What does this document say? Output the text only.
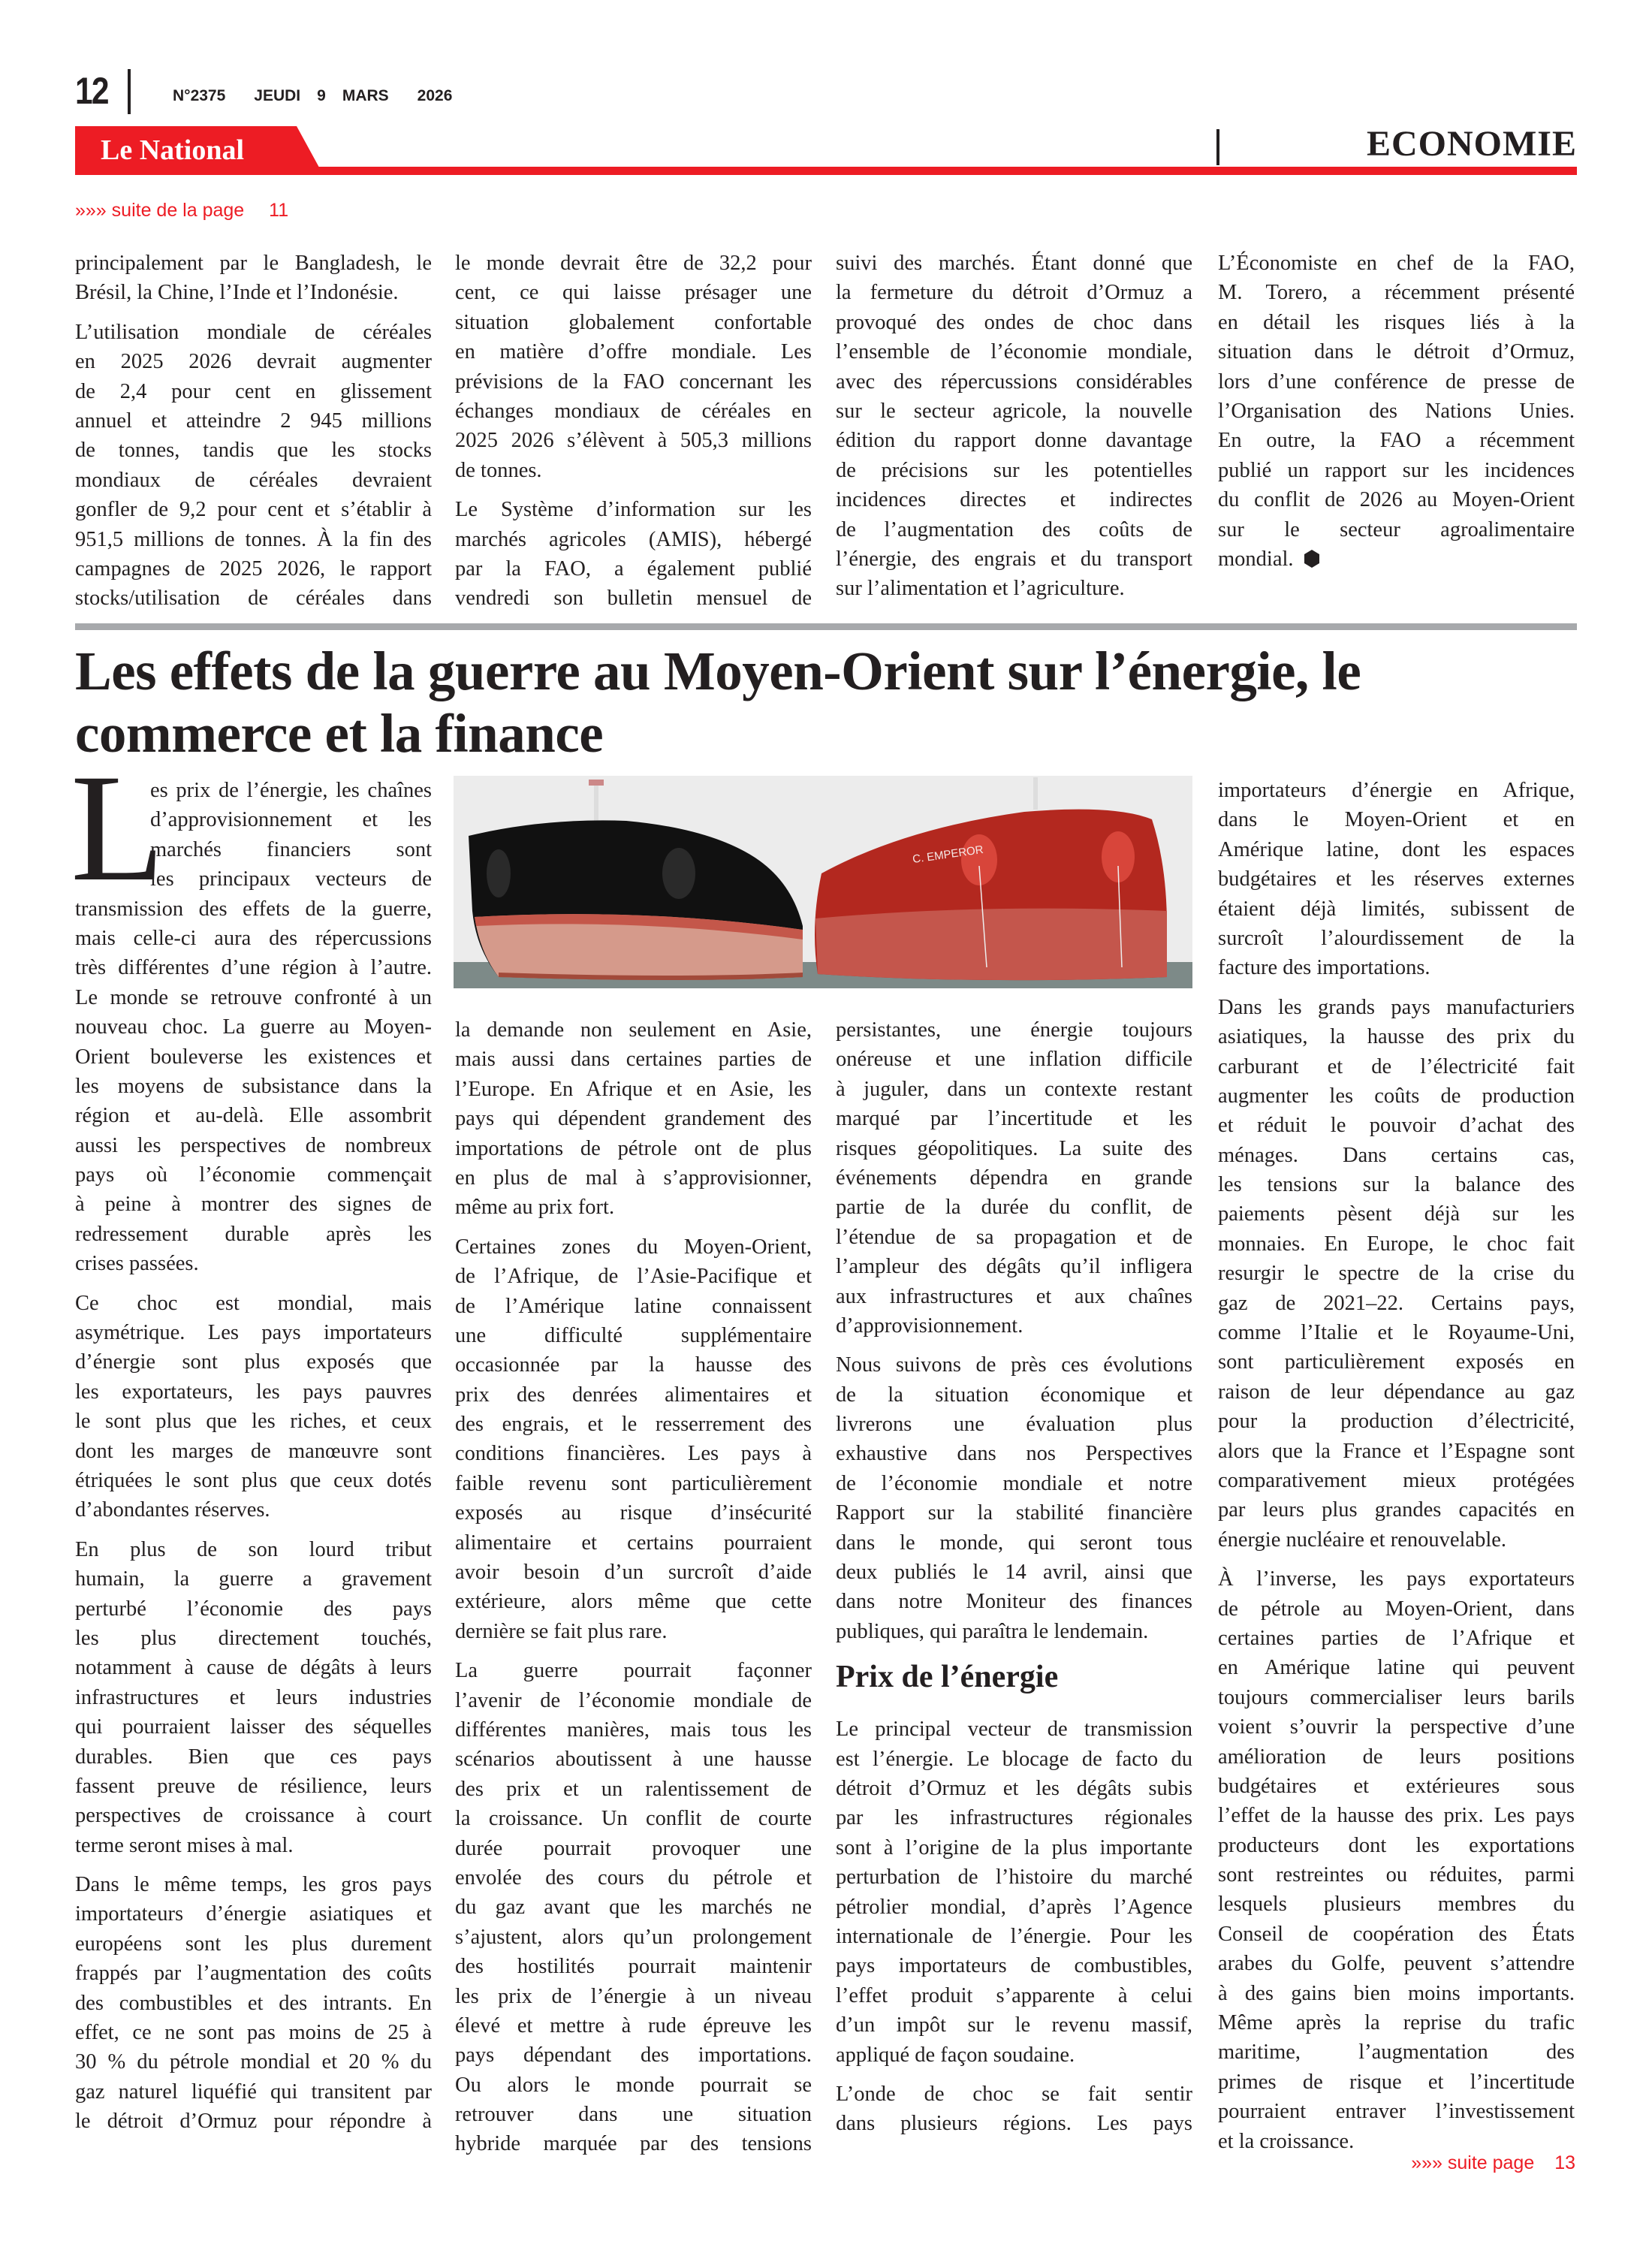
12	N°2375 JEUDI 9 MARS 2026
Le National	ECONOMIE
»»» suite de la page 11
principalement par le Bangladesh, le
Brésil, la Chine, l’Inde et l’Indonésie.
L’utilisation mondiale de céréales
en 2025 2026 devrait augmenter
de 2,4 pour cent en glissement
annuel et atteindre 2 945 millions
de tonnes, tandis que les stocks
mondiaux de céréales devraient
gonfler de 9,2 pour cent et s’établir à
951,5 millions de tonnes. À la fin des
campagnes de 2025 2026, le rapport
stocks/utilisation de céréales dans
le monde devrait être de 32,2 pour
cent, ce qui laisse présager une
situation globalement confortable
en matière d’offre mondiale. Les
prévisions de la FAO concernant les
échanges mondiaux de céréales en
2025 2026 s’élèvent à 505,3 millions
de tonnes.
Le Système d’information sur les
marchés agricoles (AMIS), hébergé
par la FAO, a également publié
vendredi son bulletin mensuel de
suivi des marchés. Étant donné que
la fermeture du détroit d’Ormuz a
provoqué des ondes de choc dans
l’ensemble de l’économie mondiale,
avec des répercussions considérables
sur le secteur agricole, la nouvelle
édition du rapport donne davantage
de précisions sur les potentielles
incidences directes et indirectes
de l’augmentation des coûts de
l’énergie, des engrais et du transport
sur l’alimentation et l’agriculture.
L’Économiste en chef de la FAO,
M. Torero, a récemment présenté
en détail les risques liés à la
situation dans le détroit d’Ormuz,
lors d’une conférence de presse de
l’Organisation des Nations Unies.
En outre, la FAO a récemment
publié un rapport sur les incidences
du conflit de 2026 au Moyen-Orient
sur le secteur agroalimentaire
mondial.
Les effets de la guerre au Moyen-Orient sur l’énergie, le
commerce et la finance
L
es prix de l’énergie, les chaînes
d’approvisionnement et les
marchés financiers sont
les principaux vecteurs de
transmission des effets de la guerre,
mais celle-ci aura des répercussions
très différentes d’une région à l’autre.
Le monde se retrouve confronté à un
nouveau choc. La guerre au Moyen-
Orient bouleverse les existences et
les moyens de subsistance dans la
région et au-delà. Elle assombrit
aussi les perspectives de nombreux
pays où l’économie commençait
à peine à montrer des signes de
redressement durable après les
crises passées.
Ce choc est mondial, mais
asymétrique. Les pays importateurs
d’énergie sont plus exposés que
les exportateurs, les pays pauvres
le sont plus que les riches, et ceux
dont les marges de manœuvre sont
étriquées le sont plus que ceux dotés
d’abondantes réserves.
En plus de son lourd tribut
humain, la guerre a gravement
perturbé l’économie des pays
les plus directement touchés,
notamment à cause de dégâts à leurs
infrastructures et leurs industries
qui pourraient laisser des séquelles
durables. Bien que ces pays
fassent preuve de résilience, leurs
perspectives de croissance à court
terme seront mises à mal.
Dans le même temps, les gros pays
importateurs d’énergie asiatiques et
européens sont les plus durement
frappés par l’augmentation des coûts
des combustibles et des intrants. En
effet, ce ne sont pas moins de 25 à
30 % du pétrole mondial et 20 % du
gaz naturel liquéfié qui transitent par
le détroit d’Ormuz pour répondre à
la demande non seulement en Asie,
mais aussi dans certaines parties de
l’Europe. En Afrique et en Asie, les
pays qui dépendent grandement des
importations de pétrole ont de plus
en plus de mal à s’approvisionner,
même au prix fort.
Certaines zones du Moyen-Orient,
de l’Afrique, de l’Asie-Pacifique et
de l’Amérique latine connaissent
une difficulté supplémentaire
occasionnée par la hausse des
prix des denrées alimentaires et
des engrais, et le resserrement des
conditions financières. Les pays à
faible revenu sont particulièrement
exposés au risque d’insécurité
alimentaire et certains pourraient
avoir besoin d’un surcroît d’aide
extérieure, alors même que cette
dernière se fait plus rare.
La guerre pourrait façonner
l’avenir de l’économie mondiale de
différentes manières, mais tous les
scénarios aboutissent à une hausse
des prix et un ralentissement de
la croissance. Un conflit de courte
durée pourrait provoquer une
envolée des cours du pétrole et
du gaz avant que les marchés ne
s’ajustent, alors qu’un prolongement
des hostilités pourrait maintenir
les prix de l’énergie à un niveau
élevé et mettre à rude épreuve les
pays dépendant des importations.
Ou alors le monde pourrait se
retrouver dans une situation
hybride marquée par des tensions
persistantes, une énergie toujours
onéreuse et une inflation difficile
à juguler, dans un contexte restant
marqué par l’incertitude et les
risques géopolitiques. La suite des
événements dépendra en grande
partie de la durée du conflit, de
l’étendue de sa propagation et de
l’ampleur des dégâts qu’il infligera
aux infrastructures et aux chaînes
d’approvisionnement.
Nous suivons de près ces évolutions
de la situation économique et
livrerons une évaluation plus
exhaustive dans nos Perspectives
de l’économie mondiale et notre
Rapport sur la stabilité financière
dans le monde, qui seront tous
deux publiés le 14 avril, ainsi que
dans notre Moniteur des finances
publiques, qui paraîtra le lendemain.
Prix de l’énergie
Le principal vecteur de transmission
est l’énergie. Le blocage de facto du
détroit d’Ormuz et les dégâts subis
par les infrastructures régionales
sont à l’origine de la plus importante
perturbation de l’histoire du marché
pétrolier mondial, d’après l’Agence
internationale de l’énergie. Pour les
pays importateurs de combustibles,
l’effet produit s’apparente à celui
d’un impôt sur le revenu massif,
appliqué de façon soudaine.
L’onde de choc se fait sentir
dans plusieurs régions. Les pays
importateurs d’énergie en Afrique,
dans le Moyen-Orient et en
Amérique latine, dont les espaces
budgétaires et les réserves externes
étaient déjà limités, subissent de
surcroît l’alourdissement de la
facture des importations.
Dans les grands pays manufacturiers
asiatiques, la hausse des prix du
carburant et de l’électricité fait
augmenter les coûts de production
et réduit le pouvoir d’achat des
ménages. Dans certains cas,
les tensions sur la balance des
paiements pèsent déjà sur les
monnaies. En Europe, le choc fait
resurgir le spectre de la crise du
gaz de 2021–22. Certains pays,
comme l’Italie et le Royaume-Uni,
sont particulièrement exposés en
raison de leur dépendance au gaz
pour la production d’électricité,
alors que la France et l’Espagne sont
comparativement mieux protégées
par leurs plus grandes capacités en
énergie nucléaire et renouvelable.
À l’inverse, les pays exportateurs
de pétrole au Moyen-Orient, dans
certaines parties de l’Afrique et
en Amérique latine qui peuvent
toujours commercialiser leurs barils
voient s’ouvrir la perspective d’une
amélioration de leurs positions
budgétaires et extérieures sous
l’effet de la hausse des prix. Les pays
producteurs dont les exportations
sont restreintes ou réduites, parmi
lesquels plusieurs membres du
Conseil de coopération des États
arabes du Golfe, peuvent s’attendre
à des gains bien moins importants.
Même après la reprise du trafic
maritime, l’augmentation des
primes de risque et l’incertitude
pourraient entraver l’investissement
et la croissance.
C. EMPEROR
»»» suite page 13
